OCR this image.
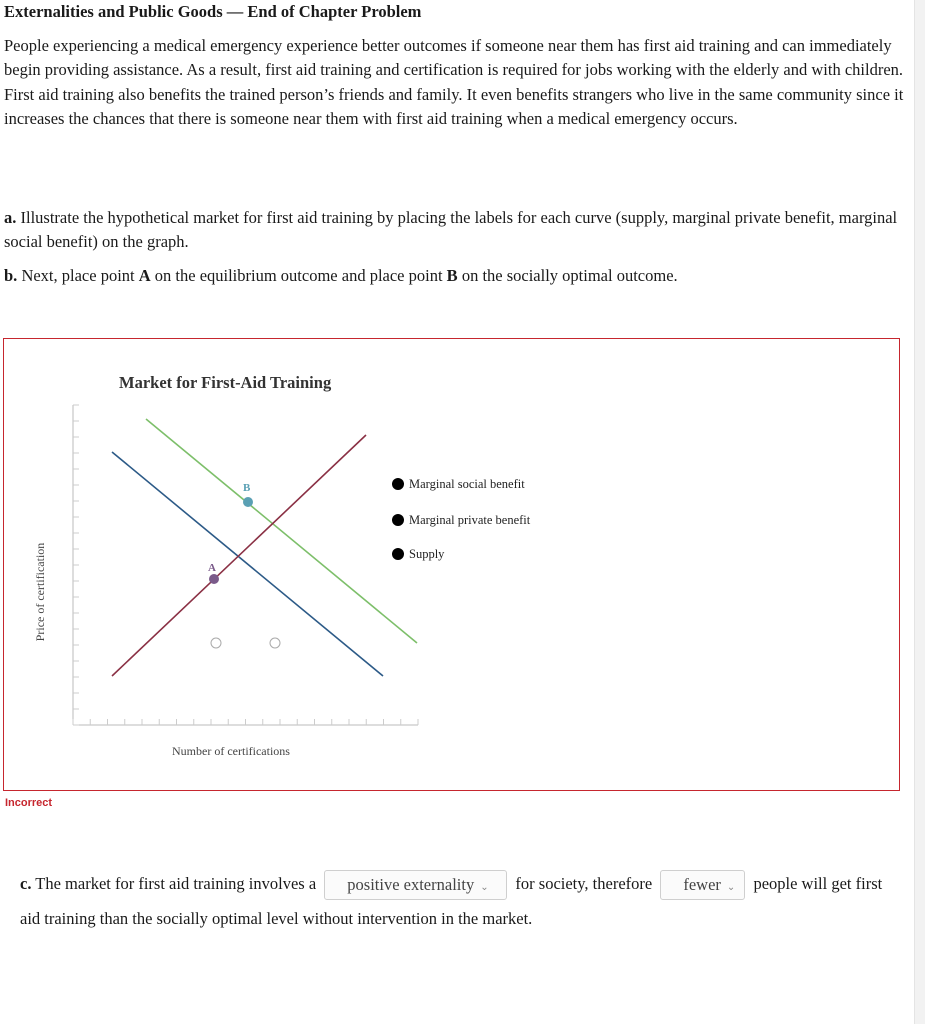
Externalities and Public Goods — End of Chapter Problem
People experiencing a medical emergency experience better outcomes if someone near them has first aid training and can immediately begin providing assistance. As a result, first aid training and certification is required for jobs working with the elderly and with children. First aid training also benefits the trained person’s friends and family. It even benefits strangers who live in the same community since it increases the chances that there is someone near them with first aid training when a medical emergency occurs.
a. Illustrate the hypothetical market for first aid training by placing the labels for each curve (supply, marginal private benefit, marginal social benefit) on the graph.
b. Next, place point A on the equilibrium outcome and place point B on the socially optimal outcome.
Market for First-Aid Training
Price of certification
Number of certifications
A
B	Marginal social benefit
Marginal private benefit
Supply
Incorrect
c. The market for first aid training involves a positive externality ⌄ for society, therefore fewer ⌄ people will get first aid training than the socially optimal level without intervention in the market.
